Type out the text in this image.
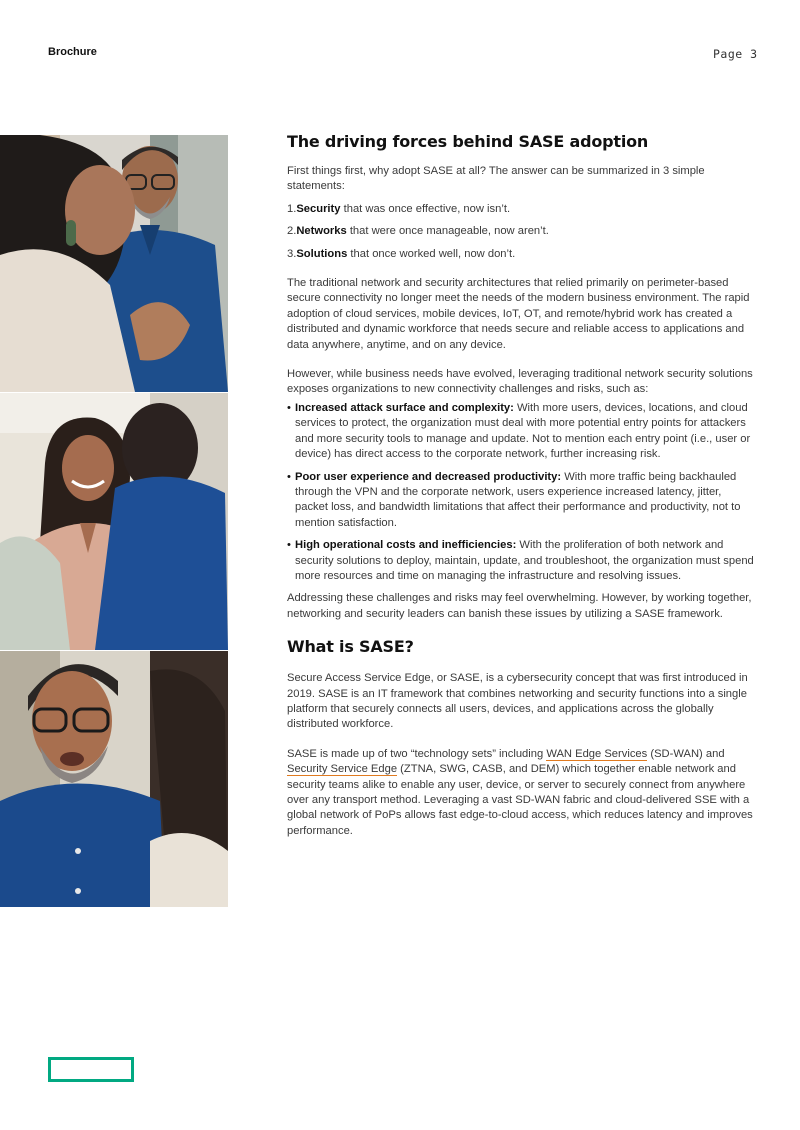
Brochure	Page 3
The driving forces behind SASE adoption

First things first, why adopt SASE at all? The answer can be summarized in 3 simple statements:

1.Security that was once effective, now isn’t.

2.Networks that were once manageable, now aren’t.

3.Solutions that once worked well, now don’t.

The traditional network and security architectures that relied primarily on perimeter-based secure connectivity no longer meet the needs of the modern business environment. The rapid adoption of cloud services, mobile devices, IoT, OT, and remote/hybrid work has created a distributed and dynamic workforce that needs secure and reliable access to applications and data anywhere, anytime, and on any device.

However, while business needs have evolved, leveraging traditional network security solutions exposes organizations to new connectivity challenges and risks, such as:

• Increased attack surface and complexity: With more users, devices, locations, and cloud services to protect, the organization must deal with more potential entry points for attackers and more security tools to manage and update. Not to mention each entry point (i.e., user or device) has direct access to the corporate network, further increasing risk.
• Poor user experience and decreased productivity: With more traffic being backhauled through the VPN and the corporate network, users experience increased latency, jitter, packet loss, and bandwidth limitations that affect their performance and productivity, not to mention satisfaction.
• High operational costs and inefficiencies: With the proliferation of both network and security solutions to deploy, maintain, update, and troubleshoot, the organization must spend more resources and time on managing the infrastructure and resolving issues.

Addressing these challenges and risks may feel overwhelming. However, by working together, networking and security leaders can banish these issues by utilizing a SASE framework.

What is SASE?

Secure Access Service Edge, or SASE, is a cybersecurity concept that was first introduced in 2019. SASE is an IT framework that combines networking and security functions into a single platform that securely connects all users, devices, and applications across the globally distributed workforce.

SASE is made up of two “technology sets” including WAN Edge Services (SD-WAN) and Security Service Edge (ZTNA, SWG, CASB, and DEM) which together enable network and security teams alike to enable any user, device, or server to securely connect from anywhere over any transport method. Leveraging a vast SD-WAN fabric and cloud-delivered SSE with a global network of PoPs allows fast edge-to-cloud access, which reduces latency and improves performance.
